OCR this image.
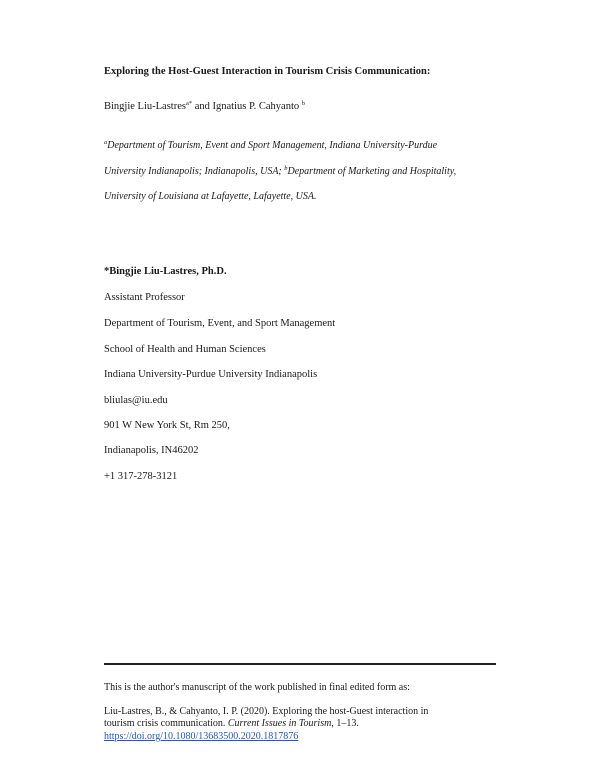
Exploring the Host-Guest Interaction in Tourism Crisis Communication:
Bingjie Liu-Lastres$^{a*}$ and Ignatius P. Cahyanto $^b$
$^a$Department of Tourism, Event and Sport Management, Indiana University-Purdue
University Indianapolis; Indianapolis, USA; $^b$Department of Marketing and Hospitality,
University of Louisiana at Lafayette, Lafayette, USA.
*Bingjie Liu-Lastres, Ph.D.
Assistant Professor
Department of Tourism, Event, and Sport Management
School of Health and Human Sciences
Indiana University-Purdue University Indianapolis
bliulas@iu.edu
901 W New York St, Rm 250,
Indianapolis, IN46202
+1 317-278-3121
This is the author's manuscript of the work published in final edited form as:
Liu-Lastres, B., & Cahyanto, I. P. (2020). Exploring the host-Guest interaction in
tourism crisis communication. Current Issues in Tourism, 1–13.
https://doi.org/10.1080/13683500.2020.1817876
